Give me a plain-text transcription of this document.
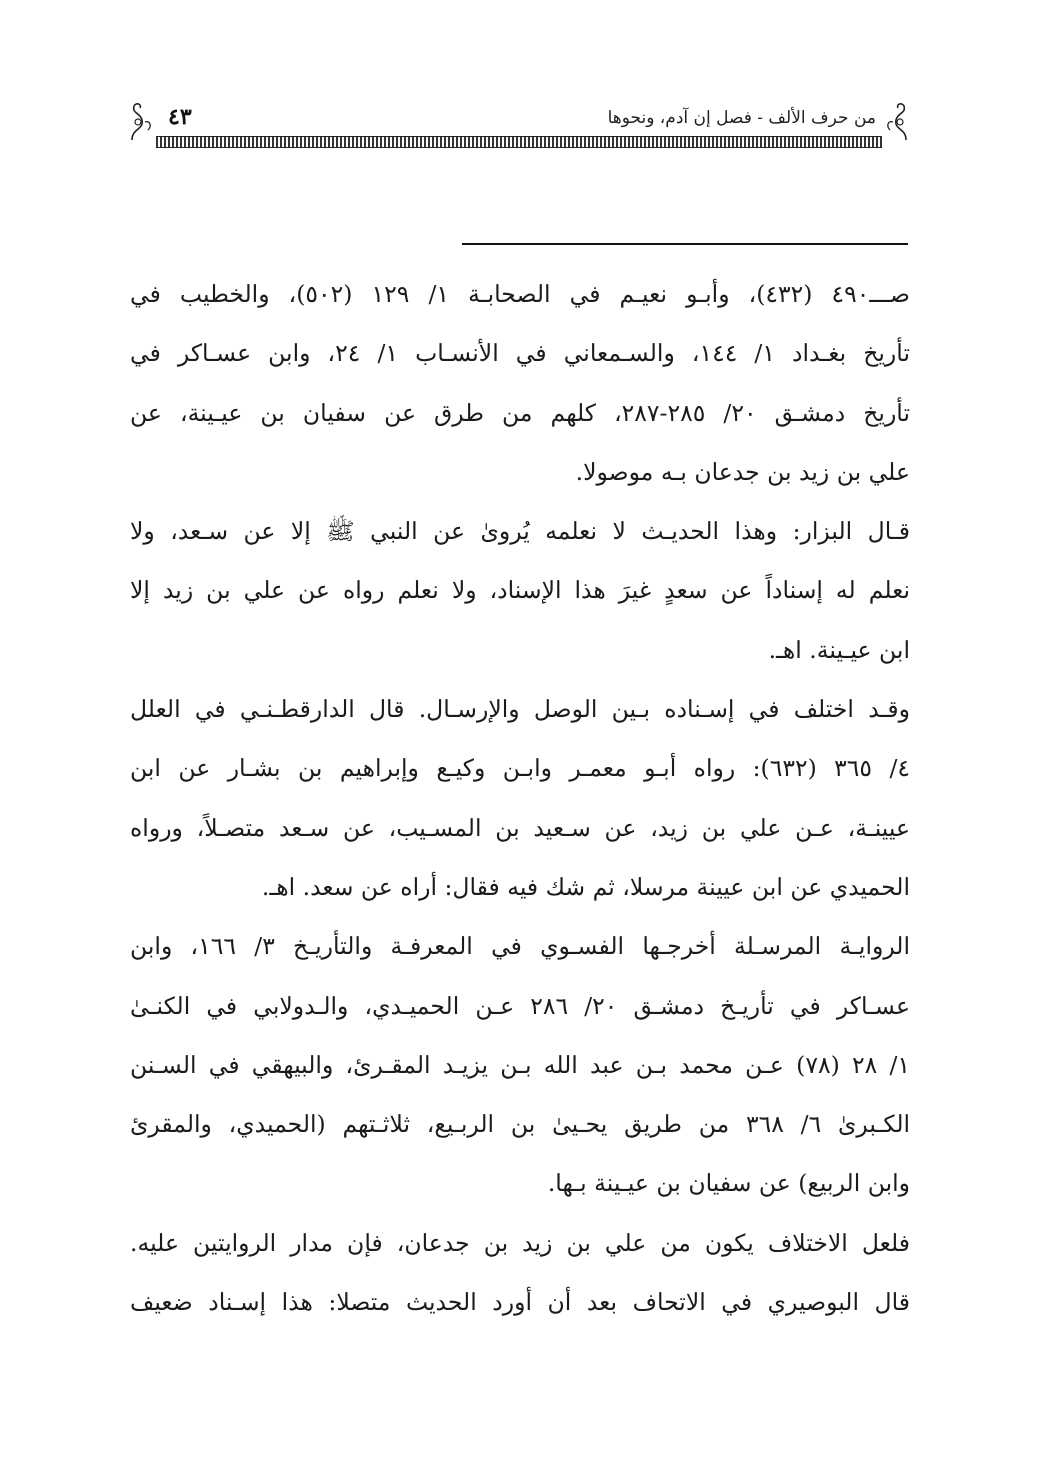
من حرف الألف - فصل إن آدم، ونحوها
٤٣

صـــ٤٩٠ (٤٣٢)، وأبـو نعيـم في الصحابـة ١/ ١٢٩ (٥٠٢)، والخطيب في
تأريخ بغـداد ١/ ١٤٤، والسـمعاني في الأنسـاب ١/ ٢٤، وابن عسـاكر في
تأريخ دمشـق ٢٠/ ٢٨٥-٢٨٧، كلهم من طرق عن سفيان بن عيـينة، عن
علي بن زيد بن جدعان بـه موصولا.

قـال البزار: وهذا الحديـث لا نعلمه يُروىٰ عن النبي ﷺ إلا عن سـعد، ولا
نعلم له إسناداً عن سعدٍ غيرَ هذا الإسناد، ولا نعلم رواه عن علي بن زيد إلا
ابن عيـينة. اهـ.

وقـد اختلف في إسـناده بـين الوصل والإرسـال. قال الدارقطـنـي في العلل
٤/ ٣٦٥ (٦٣٢): رواه أبـو معمـر وابـن وكيـع وإبراهيم بن بشـار عن ابن
عيينـة، عـن علي بن زيد، عن سـعيد بن المسـيب، عن سـعد متصـلاً، ورواه
الحميدي عن ابن عيينة مرسلا، ثم شك فيه فقال: أراه عن سعد. اهـ.

الروايـة المرسـلة أخرجـها الفسـوي في المعرفـة والتأريـخ ٣/ ١٦٦، وابن
عسـاكر في تأريـخ دمشـق ٢٠/ ٢٨٦ عـن الحميـدي، والـدولابي في الكنـىٰ
١/ ٢٨ (٧٨) عـن محمد بـن عبد الله بـن يزيـد المقـرئ، والبيهقي في السـنن
الكـبرىٰ ٦/ ٣٦٨ من طريق يحـيىٰ بن الربـيع، ثلاثـتهم (الحميدي، والمقرئ
وابن الربيع) عن سفيان بن عيـينة بـها.

فلعل الاختلاف يكون من علي بن زيد بن جدعان، فإن مدار الروايتين عليه.
قال البوصيري في الاتحاف بعد أن أورد الحديث متصلا: هذا إسـناد ضعيف
